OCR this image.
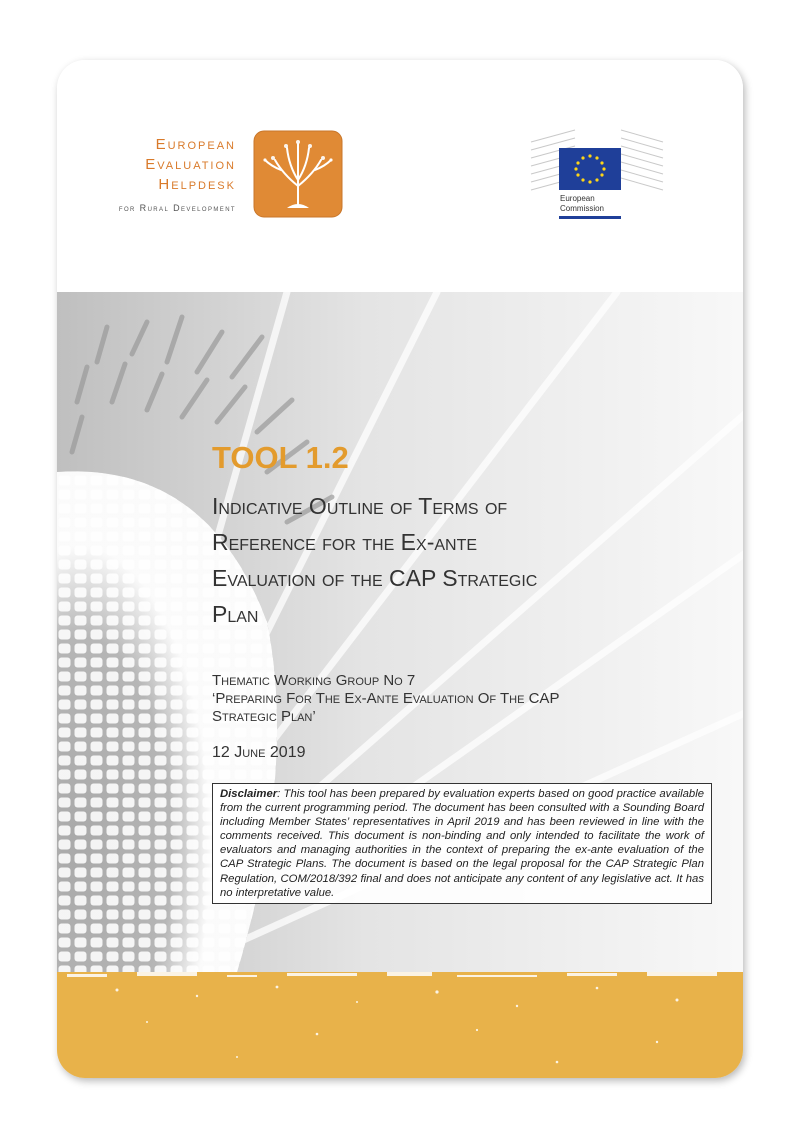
European
Evaluation
Helpdesk
for Rural Development
European
Commission
TOOL 1.2
Indicative Outline of Terms of
Reference for the Ex-ante
Evaluation of the CAP Strategic
Plan
Thematic Working Group No 7
‘Preparing For The Ex-Ante Evaluation Of The CAP
Strategic Plan’
12 June 2019
Disclaimer: This tool has been prepared by evaluation experts based on good practice available from the current programming period. The document has been consulted with a Sounding Board including Member States’ representatives in April 2019 and has been reviewed in line with the comments received. This document is non-binding and only intended to facilitate the work of evaluators and managing authorities in the context of preparing the ex-ante evaluation of the CAP Strategic Plans. The document is based on the legal proposal for the CAP Strategic Plan Regulation, COM/2018/392 final and does not anticipate any content of any legislative act. It has no interpretative value.
